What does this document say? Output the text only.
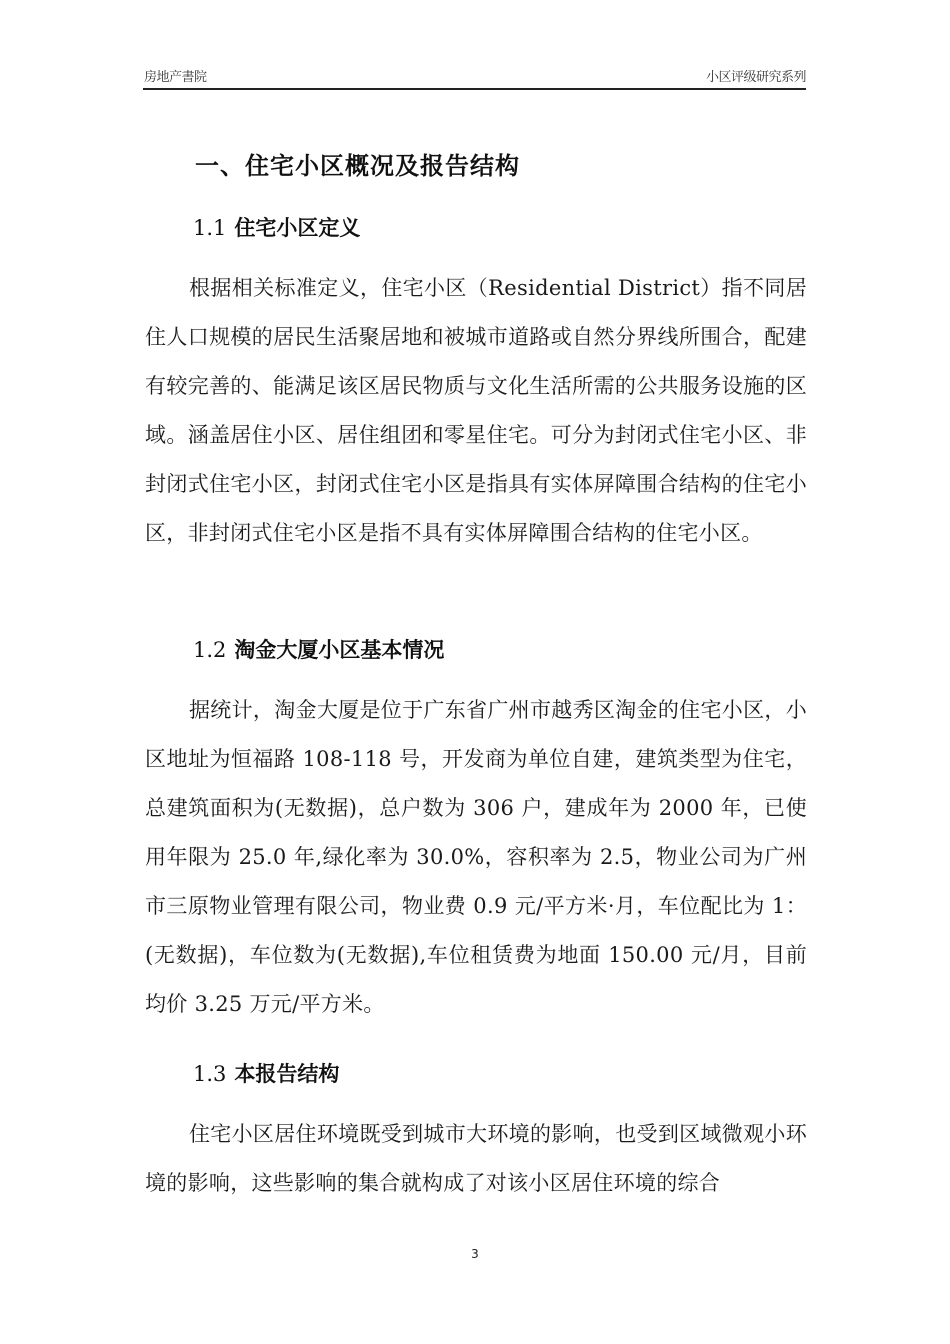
房地产書院	小区评级研究系列
一、住宅小区概况及报告结构
1.1 住宅小区定义
根据相关标准定义，住宅小区（Residential District）指不同居住人口规模的居民生活聚居地和被城市道路或自然分界线所围合，配建有较完善的、能满足该区居民物质与文化生活所需的公共服务设施的区域。涵盖居住小区、居住组团和零星住宅。可分为封闭式住宅小区、非封闭式住宅小区，封闭式住宅小区是指具有实体屏障围合结构的住宅小区，非封闭式住宅小区是指不具有实体屏障围合结构的住宅小区。
1.2 淘金大厦小区基本情况
据统计，淘金大厦是位于广东省广州市越秀区淘金的住宅小区，小区地址为恒福路 108-118 号，开发商为单位自建，建筑类型为住宅，总建筑面积为(无数据)，总户数为 306 户，建成年为 2000 年，已使用年限为 25.0 年,绿化率为 30.0%，容积率为 2.5，物业公司为广州市三原物业管理有限公司，物业费 0.9 元/平方米·月，车位配比为 1：(无数据)，车位数为(无数据),车位租赁费为地面 150.00 元/月，目前均价 3.25 万元/平方米。
1.3 本报告结构
住宅小区居住环境既受到城市大环境的影响，也受到区域微观小环境的影响，这些影响的集合就构成了对该小区居住环境的综合
3
